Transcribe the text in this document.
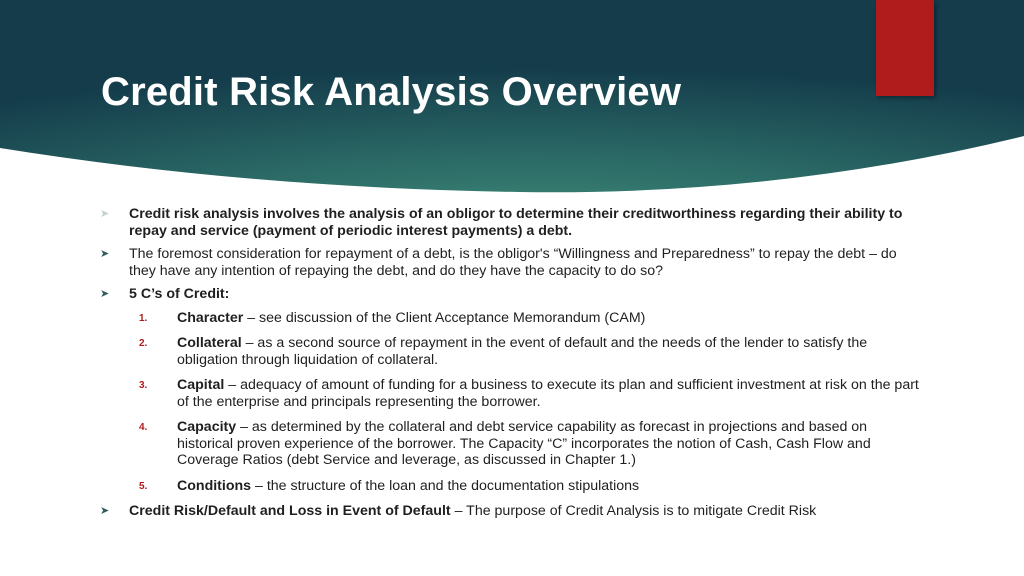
Credit Risk Analysis Overview
➤ Credit risk analysis involves the analysis of an obligor to determine their creditworthiness regarding their ability to repay and service (payment of periodic interest payments) a debt.
➤ The foremost consideration for repayment of a debt, is the obligor's “Willingness and Preparedness” to repay the debt – do they have any intention of repaying the debt, and do they have the capacity to do so?
➤ 5 C’s of Credit:
1. Character – see discussion of the Client Acceptance Memorandum (CAM)
2. Collateral – as a second source of repayment in the event of default and the needs of the lender to satisfy the obligation through liquidation of collateral.
3. Capital – adequacy of amount of funding for a business to execute its plan and sufficient investment at risk on the part of the enterprise and principals representing the borrower.
4. Capacity – as determined by the collateral and debt service capability as forecast in projections and based on historical proven experience of the borrower. The Capacity “C” incorporates the notion of Cash, Cash Flow and Coverage Ratios (debt Service and leverage, as discussed in Chapter 1.)
5. Conditions – the structure of the loan and the documentation stipulations
➤ Credit Risk/Default and Loss in Event of Default – The purpose of Credit Analysis is to mitigate Credit Risk
